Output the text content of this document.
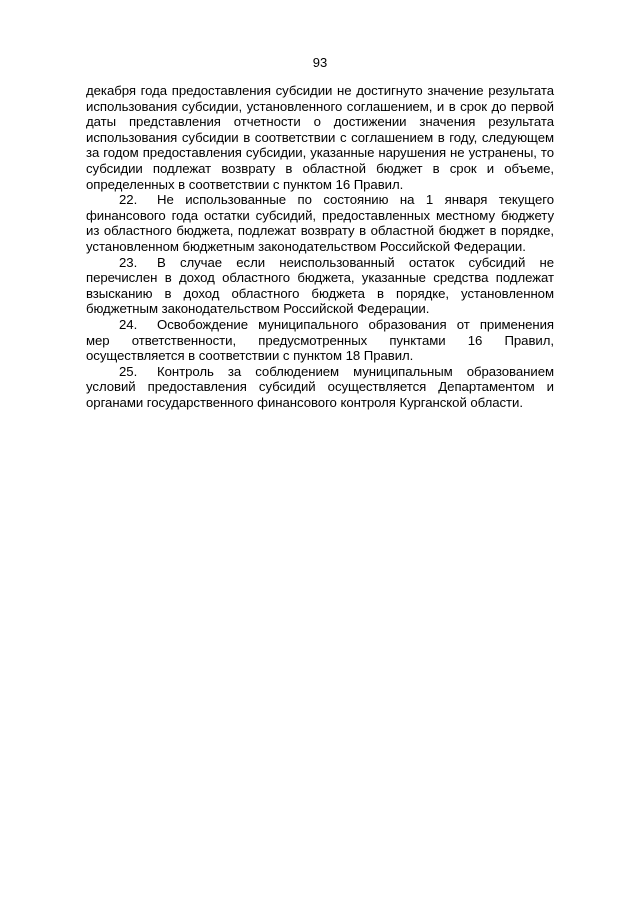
93

декабря года предоставления субсидии не достигнуто значение результата использования субсидии, установленного соглашением, и в срок до первой даты представления отчетности о достижении значения результата использования субсидии в соответствии с соглашением в году, следующем за годом предоставления субсидии, указанные нарушения не устранены, то субсидии подлежат возврату в областной бюджет в срок и объеме, определенных в соответствии с пунктом 16 Правил.

22. Не использованные по состоянию на 1 января текущего финансового года остатки субсидий, предоставленных местному бюджету из областного бюджета, подлежат возврату в областной бюджет в порядке, установленном бюджетным законодательством Российской Федерации.

23. В случае если неиспользованный остаток субсидий не перечислен в доход областного бюджета, указанные средства подлежат взысканию в доход областного бюджета в порядке, установленном бюджетным законодательством Российской Федерации.

24. Освобождение муниципального образования от применения мер ответственности, предусмотренных пунктами 16 Правил, осуществляется в соответствии с пунктом 18 Правил.

25. Контроль за соблюдением муниципальным образованием условий предоставления субсидий осуществляется Департаментом и органами государственного финансового контроля Курганской области.
